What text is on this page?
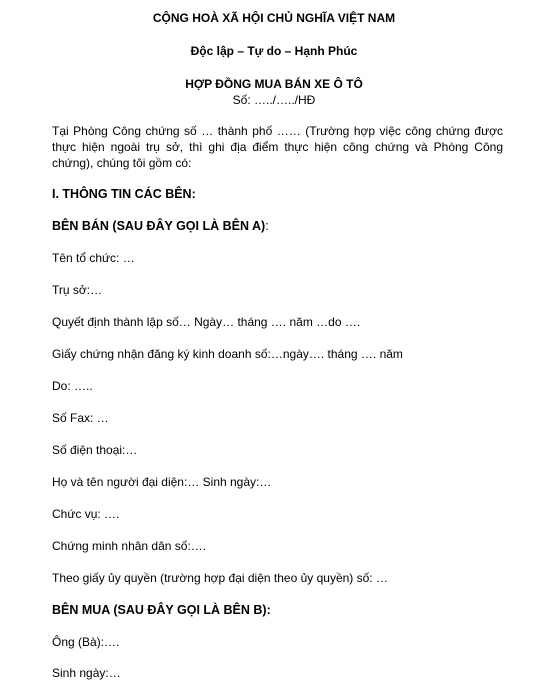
CỘNG HOÀ XÃ HỘI CHỦ NGHĨA VIỆT NAM
Độc lập – Tự do – Hạnh Phúc
HỢP ĐỒNG MUA BÁN XE Ô TÔ
Số: …../…../HĐ
Tại Phòng Công chứng số … thành phố …… (Trường hợp việc công chứng được thực hiện ngoài trụ sở, thì ghi địa điểm thực hiện công chứng và Phòng Công chứng), chúng tôi gồm có:
I. THÔNG TIN CÁC BÊN:
BÊN BÁN (SAU ĐÂY GỌI LÀ BÊN A):
Tên tổ chức: …
Trụ sở:…
Quyết định thành lập số… Ngày… tháng …. năm …do ….
Giấy chứng nhận đăng ký kinh doanh số:…ngày…. tháng …. năm
Do: …..
Số Fax: …
Số điện thoại:…
Họ và tên người đại diện:… Sinh ngày:…
Chức vụ: ….
Chứng minh nhân dân số:….
Theo giấy ủy quyền (trường hợp đại diện theo ủy quyền) số: …
BÊN MUA (SAU ĐÂY GỌI LÀ BÊN B):
Ông (Bà):….
Sinh ngày:…
